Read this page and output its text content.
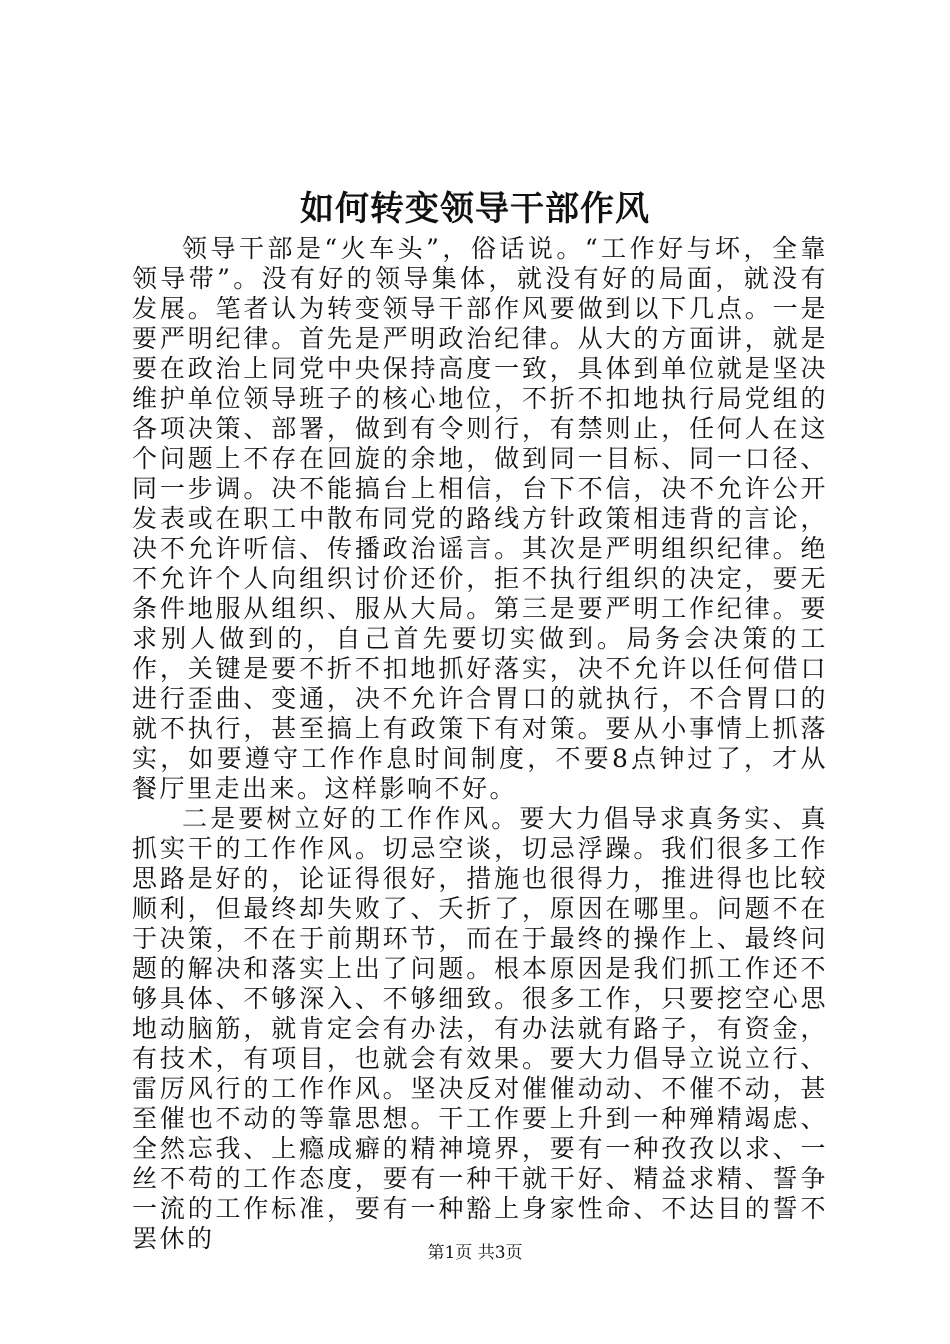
如何转变领导干部作风

领导干部是“火车头”，俗话说。“工作好与坏，全靠领导带”。没有好的领导集体，就没有好的局面，就没有发展。笔者认为转变领导干部作风要做到以下几点。一是要严明纪律。首先是严明政治纪律。从大的方面讲，就是要在政治上同党中央保持高度一致，具体到单位就是坚决维护单位领导班子的核心地位，不折不扣地执行局党组的各项决策、部署，做到有令则行，有禁则止，任何人在这个问题上不存在回旋的余地，做到同一目标、同一口径、同一步调。决不能搞台上相信，台下不信，决不允许公开发表或在职工中散布同党的路线方针政策相违背的言论，决不允许听信、传播政治谣言。其次是严明组织纪律。绝不允许个人向组织讨价还价，拒不执行组织的决定，要无条件地服从组织、服从大局。第三是要严明工作纪律。要求别人做到的，自己首先要切实做到。局务会决策的工作，关键是要不折不扣地抓好落实，决不允许以任何借口进行歪曲、变通，决不允许合胃口的就执行，不合胃口的就不执行，甚至搞上有政策下有对策。要从小事情上抓落实，如要遵守工作作息时间制度，不要8点钟过了，才从餐厅里走出来。这样影响不好。

二是要树立好的工作作风。要大力倡导求真务实、真抓实干的工作作风。切忌空谈，切忌浮躁。我们很多工作思路是好的，论证得很好，措施也很得力，推进得也比较顺利，但最终却失败了、夭折了，原因在哪里。问题不在于决策，不在于前期环节，而在于最终的操作上、最终问题的解决和落实上出了问题。根本原因是我们抓工作还不够具体、不够深入、不够细致。很多工作，只要挖空心思地动脑筋，就肯定会有办法，有办法就有路子，有资金，有技术，有项目，也就会有效果。要大力倡导立说立行、雷厉风行的工作作风。坚决反对催催动动、不催不动，甚至催也不动的等靠思想。干工作要上升到一种殚精竭虑、全然忘我、上瘾成癖的精神境界，要有一种孜孜以求、一丝不苟的工作态度，要有一种干就干好、精益求精、誓争一流的工作标准，要有一种豁上身家性命、不达目的誓不罢休的	第1页 共3页
